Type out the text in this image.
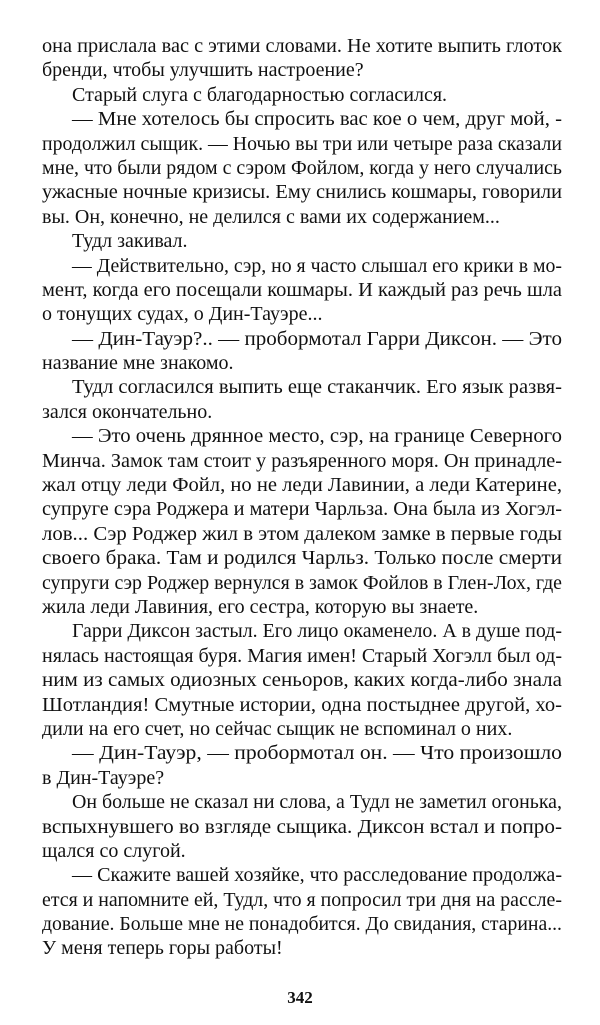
она прислала вас с этими словами. Не хотите выпить глоток
бренди, чтобы улучшить настроение?
Старый слуга с благодарностью согласился.
— Мне хотелось бы спросить вас кое о чем, друг мой, -
продолжил сыщик. — Ночью вы три или четыре раза сказали
мне, что были рядом с сэром Фойлом, когда у него случались
ужасные ночные кризисы. Ему снились кошмары, говорили
вы. Он, конечно, не делился с вами их содержанием...
Тудл закивал.
— Действительно, сэр, но я часто слышал его крики в мо-
мент, когда его посещали кошмары. И каждый раз речь шла
о тонущих судах, о Дин-Тауэре...
— Дин-Тауэр?.. — пробормотал Гарри Диксон. — Это
название мне знакомо.
Тудл согласился выпить еще стаканчик. Его язык развя-
зался окончательно.
— Это очень дрянное место, сэр, на границе Северного
Минча. Замок там стоит у разъяренного моря. Он принадле-
жал отцу леди Фойл, но не леди Лавинии, а леди Катерине,
супруге сэра Роджера и матери Чарльза. Она была из Хогэл-
лов... Сэр Роджер жил в этом далеком замке в первые годы
своего брака. Там и родился Чарльз. Только после смерти
супруги сэр Роджер вернулся в замок Фойлов в Глен-Лох, где
жила леди Лавиния, его сестра, которую вы знаете.
Гарри Диксон застыл. Его лицо окаменело. А в душе под-
нялась настоящая буря. Магия имен! Старый Хогэлл был од-
ним из самых одиозных сеньоров, каких когда-либо знала
Шотландия! Смутные истории, одна постыднее другой, хо-
дили на его счет, но сейчас сыщик не вспоминал о них.
— Дин-Тауэр, — пробормотал он. — Что произошло
в Дин-Тауэре?
Он больше не сказал ни слова, а Тудл не заметил огонька,
вспыхнувшего во взгляде сыщика. Диксон встал и попро-
щался со слугой.
— Скажите вашей хозяйке, что расследование продолжа-
ется и напомните ей, Тудл, что я попросил три дня на рассле-
дование. Больше мне не понадобится. До свидания, старина...
У меня теперь горы работы!
342
